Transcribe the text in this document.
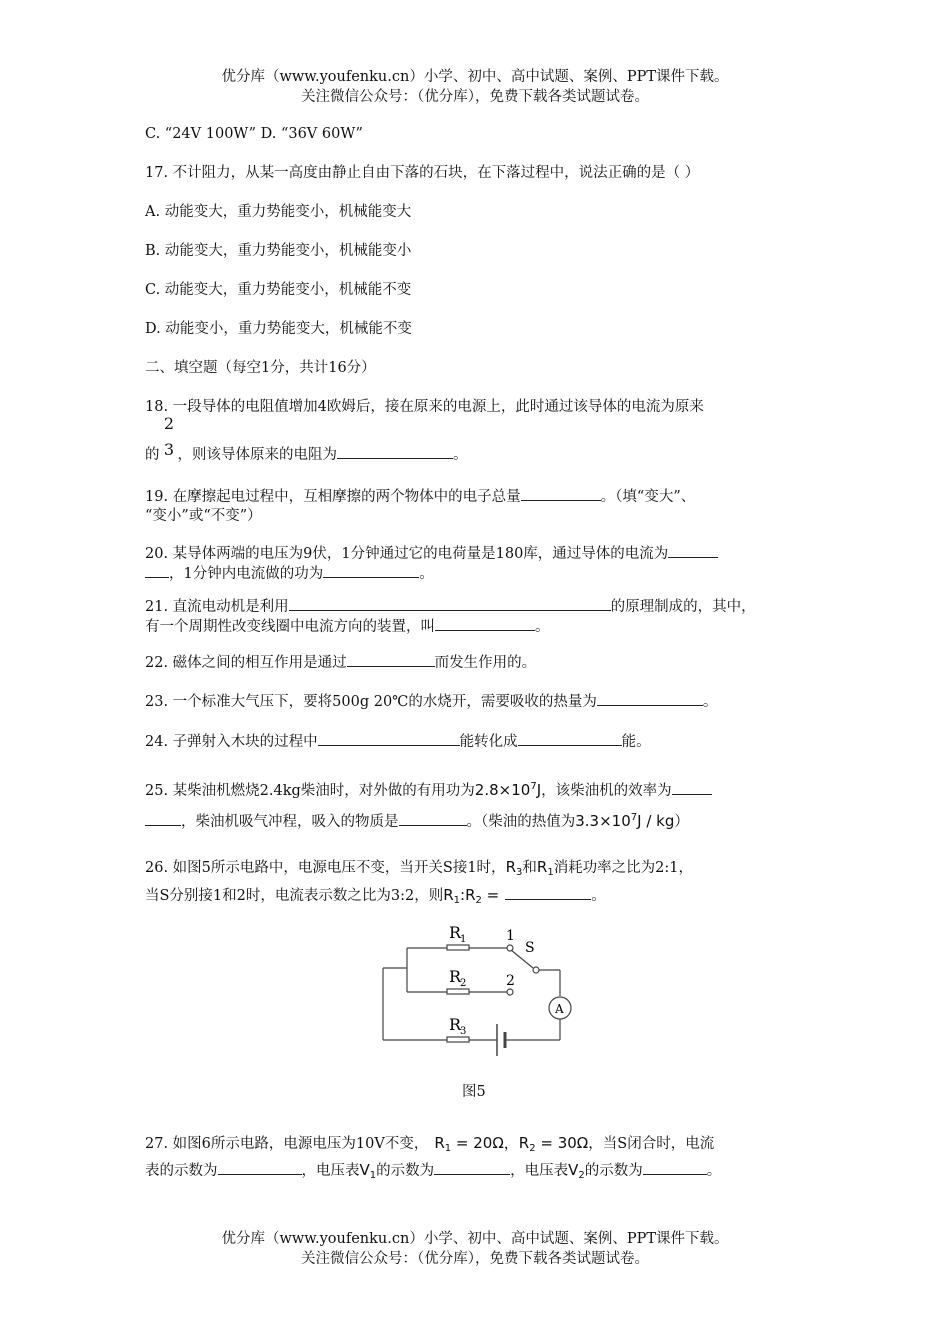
优分库（www.youfenku.cn）小学、初中、高中试题、案例、PPT课件下载。
关注微信公众号：（优分库），免费下载各类试题试卷。
C. “24V 100W” D. “36V 60W”
17. 不计阻力，从某一高度由静止自由下落的石块，在下落过程中，说法正确的是（ ）
A. 动能变大，重力势能变小，机械能变大
B. 动能变大，重力势能变小，机械能变小
C. 动能变大，重力势能变小，机械能不变
D. 动能变小，重力势能变大，机械能不变
二、填空题（每空1分，共计16分）
18. 一段导体的电阻值增加4欧姆后，接在原来的电源上，此时通过该导体的电流为原来
2
3
的 ，则该导体原来的电阻为	。
19. 在摩擦起电过程中，互相摩擦的两个物体中的电子总量	。（填“变大”、
“变小”或“不变”）
20. 某导体两端的电压为9伏，1分钟通过它的电荷量是180库，通过导体的电流为
，1分钟内电流做的功为	。
21. 直流电动机是利用	的原理制成的，其中，
有一个周期性改变线圈中电流方向的装置，叫	。
22. 磁体之间的相互作用是通过	而发生作用的。
23. 一个标准大气压下，要将500g 20℃的水烧开，需要吸收的热量为	。
24. 子弹射入木块的过程中	能转化成	能。
25. 某柴油机燃烧2.4kg柴油时，对外做的有用功为$2.8\times 10^7J$，该柴油机的效率为
，柴油机吸气冲程，吸入的物质是	。（柴油的热值为$3.3\times 10^7J / kg$）
26. 如图5所示电路中，电源电压不变，当开关S接1时，$R_3$和$R_1$消耗功率之比为2:1，
当S分别接1和2时，电流表示数之比为3:2，则$R_1:R_2$ =	。
R
1
R
2
R
3
1
2
S
A
图5
27. 如图6所示电路，电源电压为10V不变， $R_1 = 20\Omega$，$R_2 = 30\Omega$，当S闭合时，电流
表的示数为	，电压表$V_1$的示数为	，电压表$V_2$的示数为	。
优分库（www.youfenku.cn）小学、初中、高中试题、案例、PPT课件下载。
关注微信公众号：（优分库），免费下载各类试题试卷。
